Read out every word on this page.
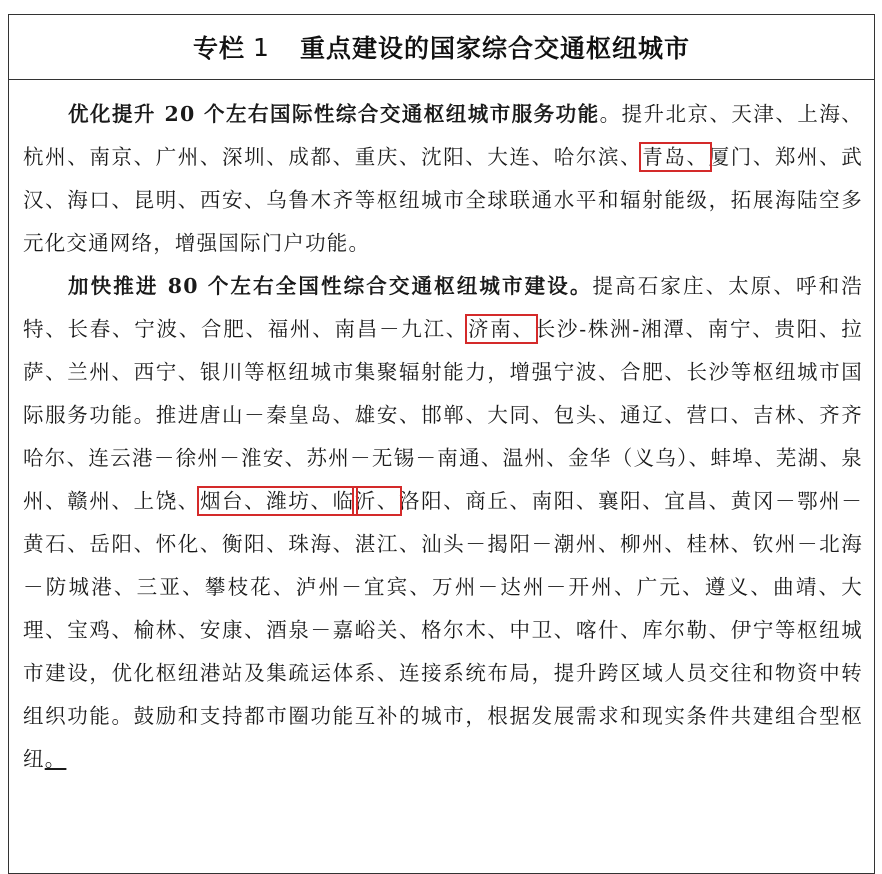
专栏 1 重点建设的国家综合交通枢纽城市

优化提升 20 个左右国际性综合交通枢纽城市服务功能。提升北京、天津、上海、杭州、南京、广州、深圳、成都、重庆、沈阳、大连、哈尔滨、青岛、厦门、郑州、武汉、海口、昆明、西安、乌鲁木齐等枢纽城市全球联通水平和辐射能级，拓展海陆空多元化交通网络，增强国际门户功能。

加快推进 80 个左右全国性综合交通枢纽城市建设。提高石家庄、太原、呼和浩特、长春、宁波、合肥、福州、南昌－九江、济南、长沙-株洲-湘潭、南宁、贵阳、拉萨、兰州、西宁、银川等枢纽城市集聚辐射能力，增强宁波、合肥、长沙等枢纽城市国际服务功能。推进唐山－秦皇岛、雄安、邯郸、大同、包头、通辽、营口、吉林、齐齐哈尔、连云港－徐州－淮安、苏州－无锡－南通、温州、金华（义乌）、蚌埠、芜湖、泉州、赣州、上饶、烟台、潍坊、临沂、洛阳、商丘、南阳、襄阳、宜昌、黄冈－鄂州－黄石、岳阳、怀化、衡阳、珠海、湛江、汕头－揭阳－潮州、柳州、桂林、钦州－北海－防城港、三亚、攀枝花、泸州－宜宾、万州－达州－开州、广元、遵义、曲靖、大理、宝鸡、榆林、安康、酒泉－嘉峪关、格尔木、中卫、喀什、库尔勒、伊宁等枢纽城市建设，优化枢纽港站及集疏运体系、连接系统布局，提升跨区域人员交往和物资中转组织功能。鼓励和支持都市圈功能互补的城市，根据发展需求和现实条件共建组合型枢纽。
